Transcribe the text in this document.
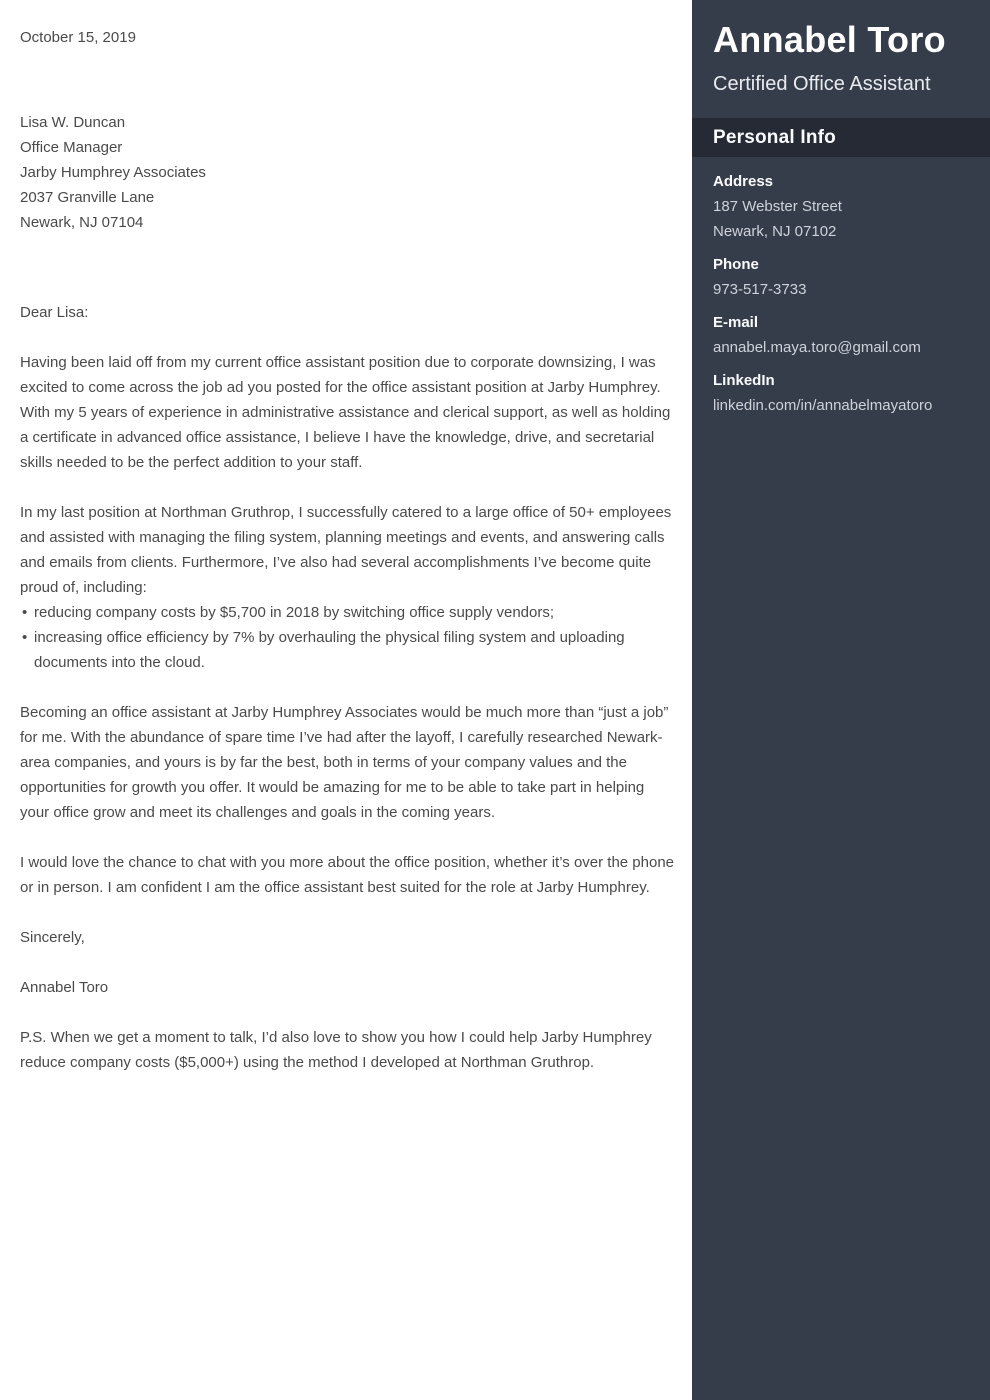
October 15, 2019
Lisa W. Duncan
Office Manager
Jarby Humphrey Associates
2037 Granville Lane
Newark, NJ 07104
Dear Lisa:

Having been laid off from my current office assistant position due to corporate downsizing, I was excited to come across the job ad you posted for the office assistant position at Jarby Humphrey. With my 5 years of experience in administrative assistance and clerical support, as well as holding a certificate in advanced office assistance, I believe I have the knowledge, drive, and secretarial skills needed to be the perfect addition to your staff.

In my last position at Northman Gruthrop, I successfully catered to a large office of 50+ employees and assisted with managing the filing system, planning meetings and events, and answering calls and emails from clients. Furthermore, I’ve also had several accomplishments I’ve become quite proud of, including:

• reducing company costs by $5,700 in 2018 by switching office supply vendors;
• increasing office efficiency by 7% by overhauling the physical filing system and uploading documents into the cloud.

Becoming an office assistant at Jarby Humphrey Associates would be much more than “just a job” for me. With the abundance of spare time I’ve had after the layoff, I carefully researched Newark-area companies, and yours is by far the best, both in terms of your company values and the opportunities for growth you offer. It would be amazing for me to be able to take part in helping your office grow and meet its challenges and goals in the coming years.

I would love the chance to chat with you more about the office position, whether it’s over the phone or in person. I am confident I am the office assistant best suited for the role at Jarby Humphrey.

Sincerely,
Annabel Toro

P.S. When we get a moment to talk, I’d also love to show you how I could help Jarby Humphrey reduce company costs ($5,000+) using the method I developed at Northman Gruthrop.

Annabel Toro
Certified Office Assistant
Personal Info
Address
187 Webster Street
Newark, NJ 07102
Phone
973-517-3733
E-mail
annabel.maya.toro@gmail.com
LinkedIn
linkedin.com/in/annabelmayatoro
